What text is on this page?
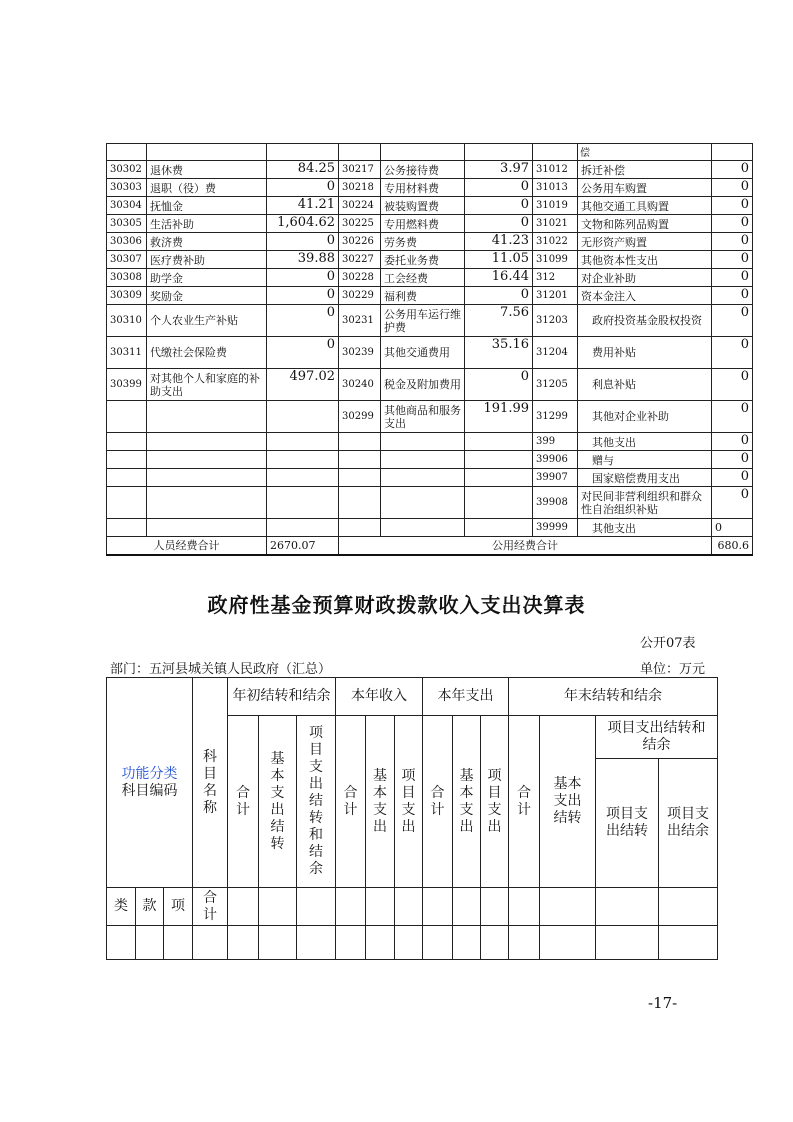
							偿	
30302	退休费	84.25	30217	公务接待费	3.97	31012	拆迁补偿	0
30303	退职（役）费	0	30218	专用材料费	0	31013	公务用车购置	0
30304	抚恤金	41.21	30224	被装购置费	0	31019	其他交通工具购置	0
30305	生活补助	1,604.62	30225	专用燃料费	0	31021	文物和陈列品购置	0
30306	救济费	0	30226	劳务费	41.23	31022	无形资产购置	0
30307	医疗费补助	39.88	30227	委托业务费	11.05	31099	其他资本性支出	0
30308	助学金	0	30228	工会经费	16.44	312	对企业补助	0
30309	奖励金	0	30229	福利费	0	31201	资本金注入	0
30310	个人农业生产补贴	0	30231	公务用车运行维护费	7.56	31203	政府投资基金股权投资	0
30311	代缴社会保险费	0	30239	其他交通费用	35.16	31204	费用补贴	0
30399	对其他个人和家庭的补助支出	497.02	30240	税金及附加费用	0	31205	利息补贴	0
			30299	其他商品和服务支出	191.99	31299	其他对企业补助	0
						399	其他支出	0
						39906	赠与	0
						39907	国家赔偿费用支出	0
						39908	对民间非营利组织和群众性自治组织补贴	0
						39999	其他支出	0
人员经费合计		2670.07	公用经费合计					680.6
政府性基金预算财政拨款收入支出决算表
公开07表
部门：五河县城关镇人民政府（汇总）	单位：万元
功能分类
科目编码			科目名称	年初结转和结余			本年收入			本年支出			年末结转和结余			
				合计	基本支出结转	项目支出结转和结余	合计	基本支出	项目支出	合计	基本支出	项目支出	合计	基本支出结转	项目支出结转和结余	
															项目支出结转	项目支出结余
类	款	项	合计													

-17-
